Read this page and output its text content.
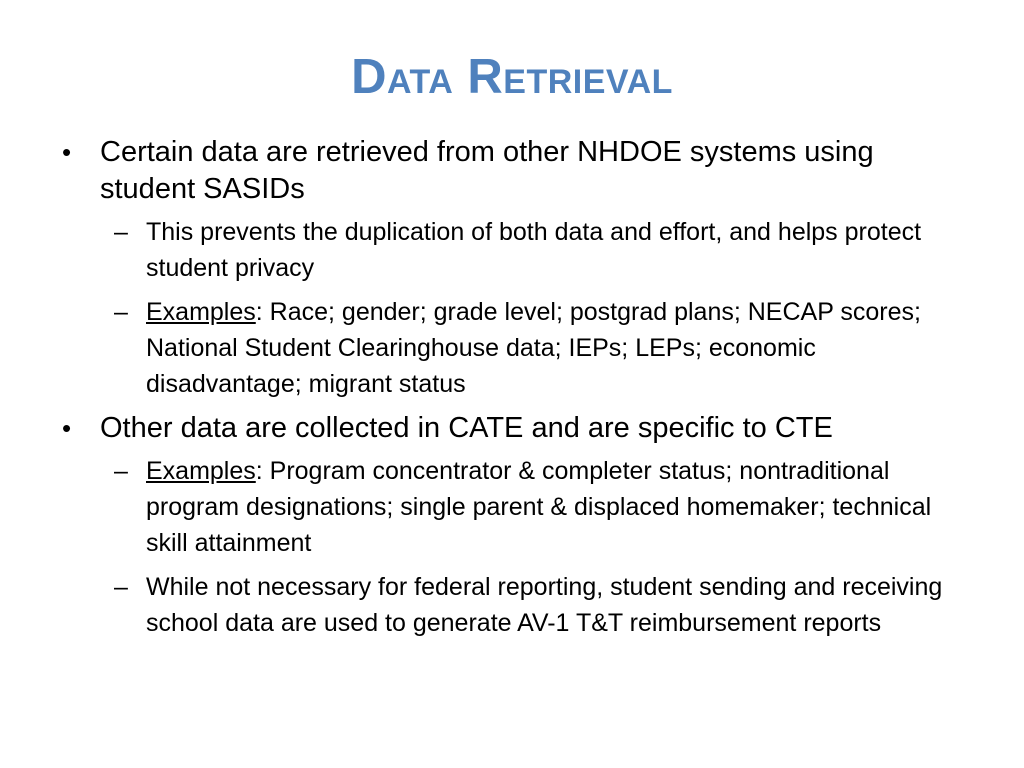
Data Retrieval
• Certain data are retrieved from other NHDOE systems using student SASIDs
– This prevents the duplication of both data and effort, and helps protect student privacy
– Examples: Race; gender; grade level; postgrad plans; NECAP scores; National Student Clearinghouse data; IEPs; LEPs; economic disadvantage; migrant status
• Other data are collected in CATE and are specific to CTE
– Examples: Program concentrator & completer status; nontraditional program designations; single parent & displaced homemaker; technical skill attainment
– While not necessary for federal reporting, student sending and receiving school data are used to generate AV-1 T&T reimbursement reports
